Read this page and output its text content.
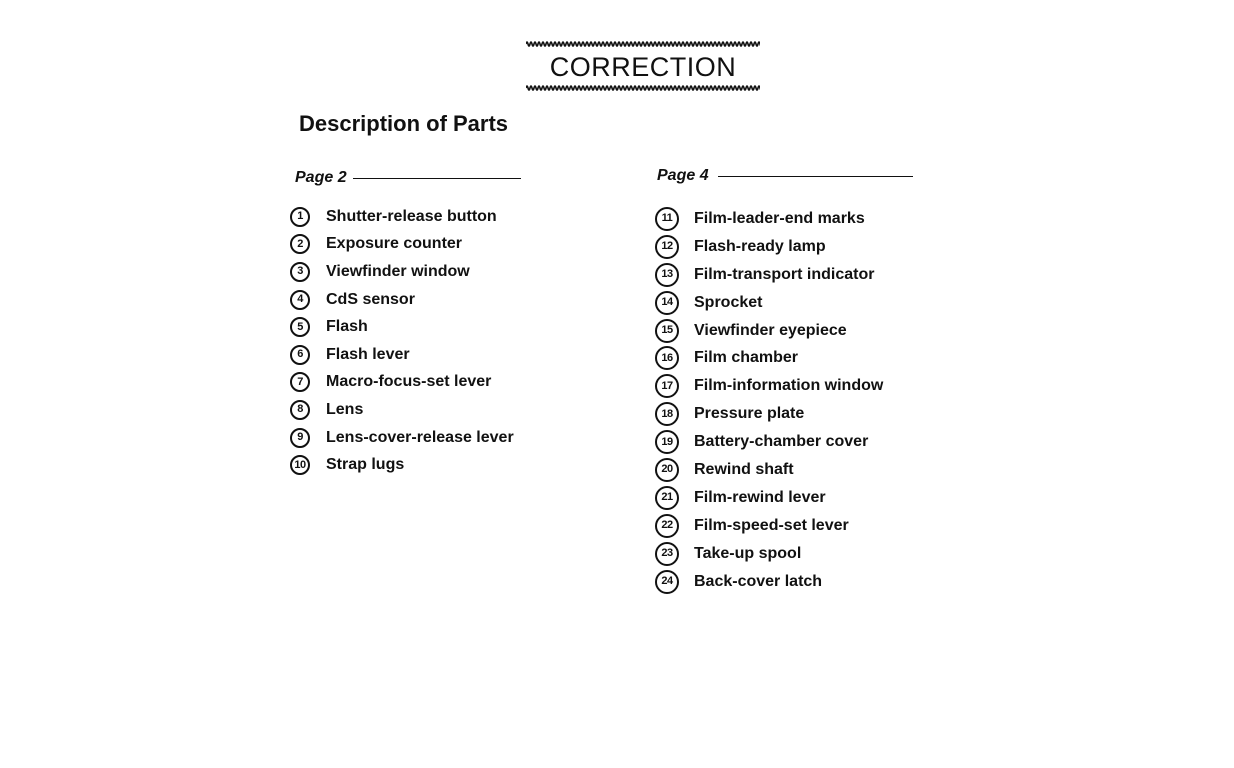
CORRECTION
Description of Parts
Page 2	Page 4
1	Shutter-release button
2	Exposure counter
3	Viewfinder window
4	CdS sensor
5	Flash
6	Flash lever
7	Macro-focus-set lever
8	Lens
9	Lens-cover-release lever
10 Strap lugs
11	Film-leader-end marks
12	Flash-ready lamp
13	Film-transport indicator
14	Sprocket
15	Viewfinder eyepiece
16	Film chamber
17	Film-information window
18	Pressure plate
19	Battery-chamber cover
20	Rewind shaft
21	Film-rewind lever
22	Film-speed-set lever
23	Take-up spool
24	Back-cover latch
